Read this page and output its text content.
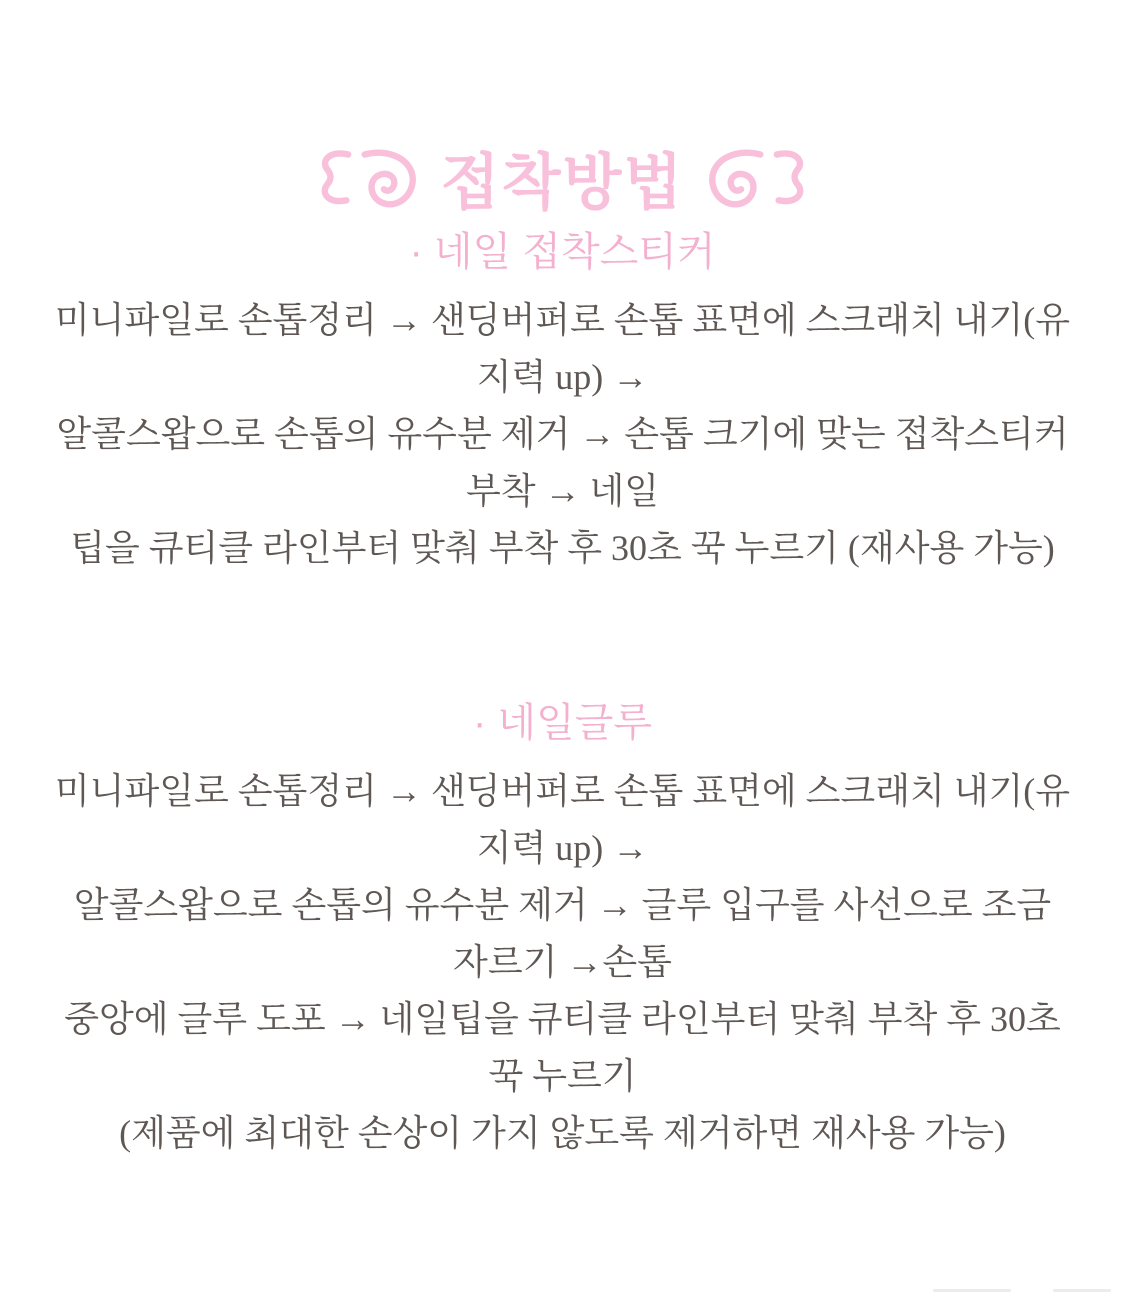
접착방법
· 네일 접착스티커
미니파일로 손톱정리 → 샌딩버퍼로 손톱 표면에 스크래치 내기(유
지력 up) →
알콜스왑으로 손톱의 유수분 제거 → 손톱 크기에 맞는 접착스티커
부착 → 네일
팁을 큐티클 라인부터 맞춰 부착 후 30초 꾹 누르기 (재사용 가능)
· 네일글루
미니파일로 손톱정리 → 샌딩버퍼로 손톱 표면에 스크래치 내기(유
지력 up) →
알콜스왑으로 손톱의 유수분 제거 → 글루 입구를 사선으로 조금
자르기 →손톱
중앙에 글루 도포 → 네일팁을 큐티클 라인부터 맞춰 부착 후 30초
꾹 누르기
(제품에 최대한 손상이 가지 않도록 제거하면 재사용 가능)
